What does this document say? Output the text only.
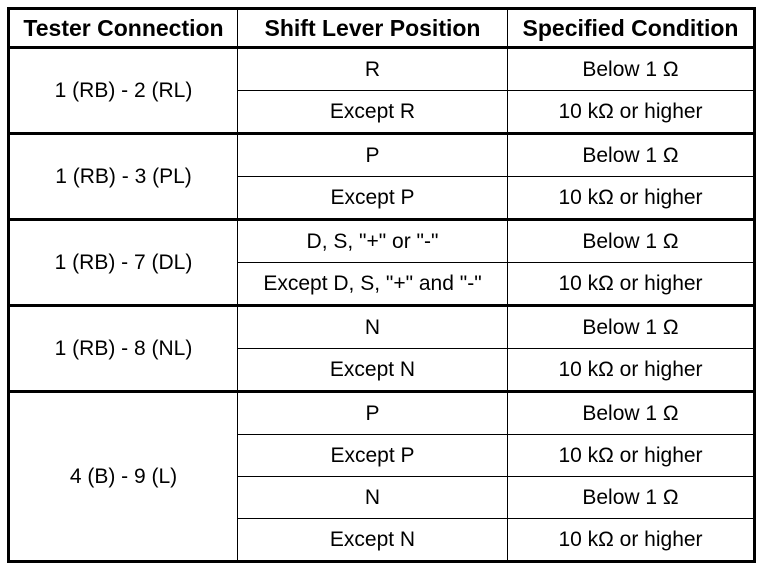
Tester Connection	Shift Lever Position	Specified Condition
1 (RB) - 2 (RL)	R	Below 1 Ω
	Except R	10 kΩ or higher
1 (RB) - 3 (PL)	P	Below 1 Ω
	Except P	10 kΩ or higher
1 (RB) - 7 (DL)	D, S, "+" or "-"	Below 1 Ω
	Except D, S, "+" and "-"	10 kΩ or higher
1 (RB) - 8 (NL)	N	Below 1 Ω
	Except N	10 kΩ or higher
4 (B) - 9 (L)	P	Below 1 Ω
	Except P	10 kΩ or higher
	N	Below 1 Ω
	Except N	10 kΩ or higher
